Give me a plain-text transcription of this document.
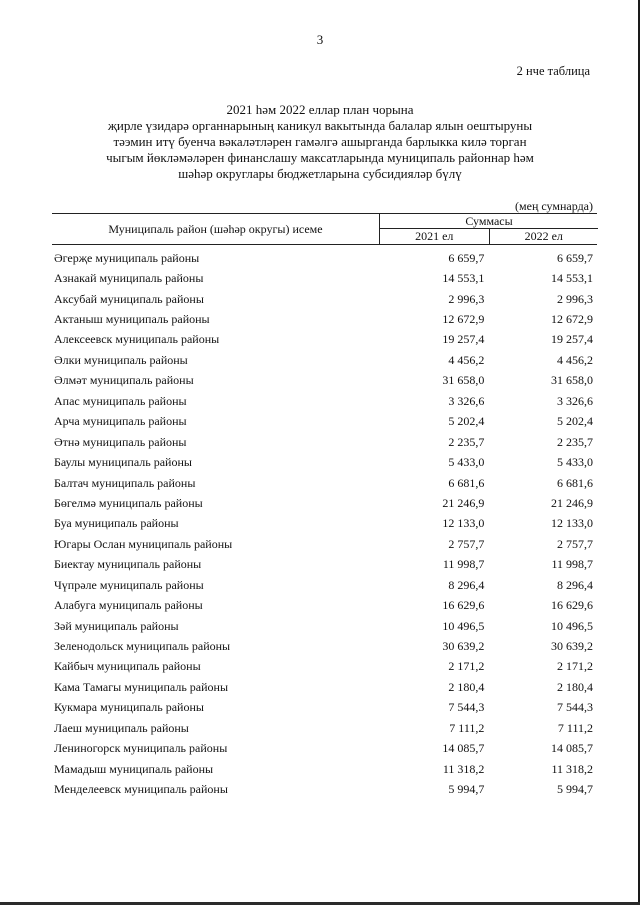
3
2 нче таблица
2021 һәм 2022 еллар план чорына
җирле үзидарә органнарының каникул вакытында балалар ялын оештыруны
тәэмин итү буенча вәкаләтләрен гамәлгә ашырганда барлыкка килә торган
чыгым йөкләмәләрен финанслашу максатларында муниципаль районнар һәм
шәһәр округлары бюджетларына субсидияләр бүлү
(мең сумнарда)
Муниципаль район (шәһәр округы) исеме
Суммасы
2021 ел	2022 ел
Әгерҗе муниципаль районы	6 659,7	6 659,7
Азнакай муниципаль районы	14 553,1	14 553,1
Аксубай муниципаль районы	2 996,3	2 996,3
Актаныш муниципаль районы	12 672,9	12 672,9
Алексеевск муниципаль районы	19 257,4	19 257,4
Әлки муниципаль районы	4 456,2	4 456,2
Әлмәт муниципаль районы	31 658,0	31 658,0
Апас муниципаль районы	3 326,6	3 326,6
Арча муниципаль районы	5 202,4	5 202,4
Әтнә муниципаль районы	2 235,7	2 235,7
Баулы муниципаль районы	5 433,0	5 433,0
Балтач муниципаль районы	6 681,6	6 681,6
Бөгелмә муниципаль районы	21 246,9	21 246,9
Буа муниципаль районы	12 133,0	12 133,0
Югары Ослан муниципаль районы	2 757,7	2 757,7
Биектау муниципаль районы	11 998,7	11 998,7
Чүпрәле муниципаль районы	8 296,4	8 296,4
Алабуга муниципаль районы	16 629,6	16 629,6
Зәй муниципаль районы	10 496,5	10 496,5
Зеленодольск муниципаль районы	30 639,2	30 639,2
Кайбыч муниципаль районы	2 171,2	2 171,2
Кама Тамагы муниципаль районы	2 180,4	2 180,4
Кукмара муниципаль районы	7 544,3	7 544,3
Лаеш муниципаль районы	7 111,2	7 111,2
Лениногорск муниципаль районы	14 085,7	14 085,7
Мамадыш муниципаль районы	11 318,2	11 318,2
Менделеевск муниципаль районы	5 994,7	5 994,7
